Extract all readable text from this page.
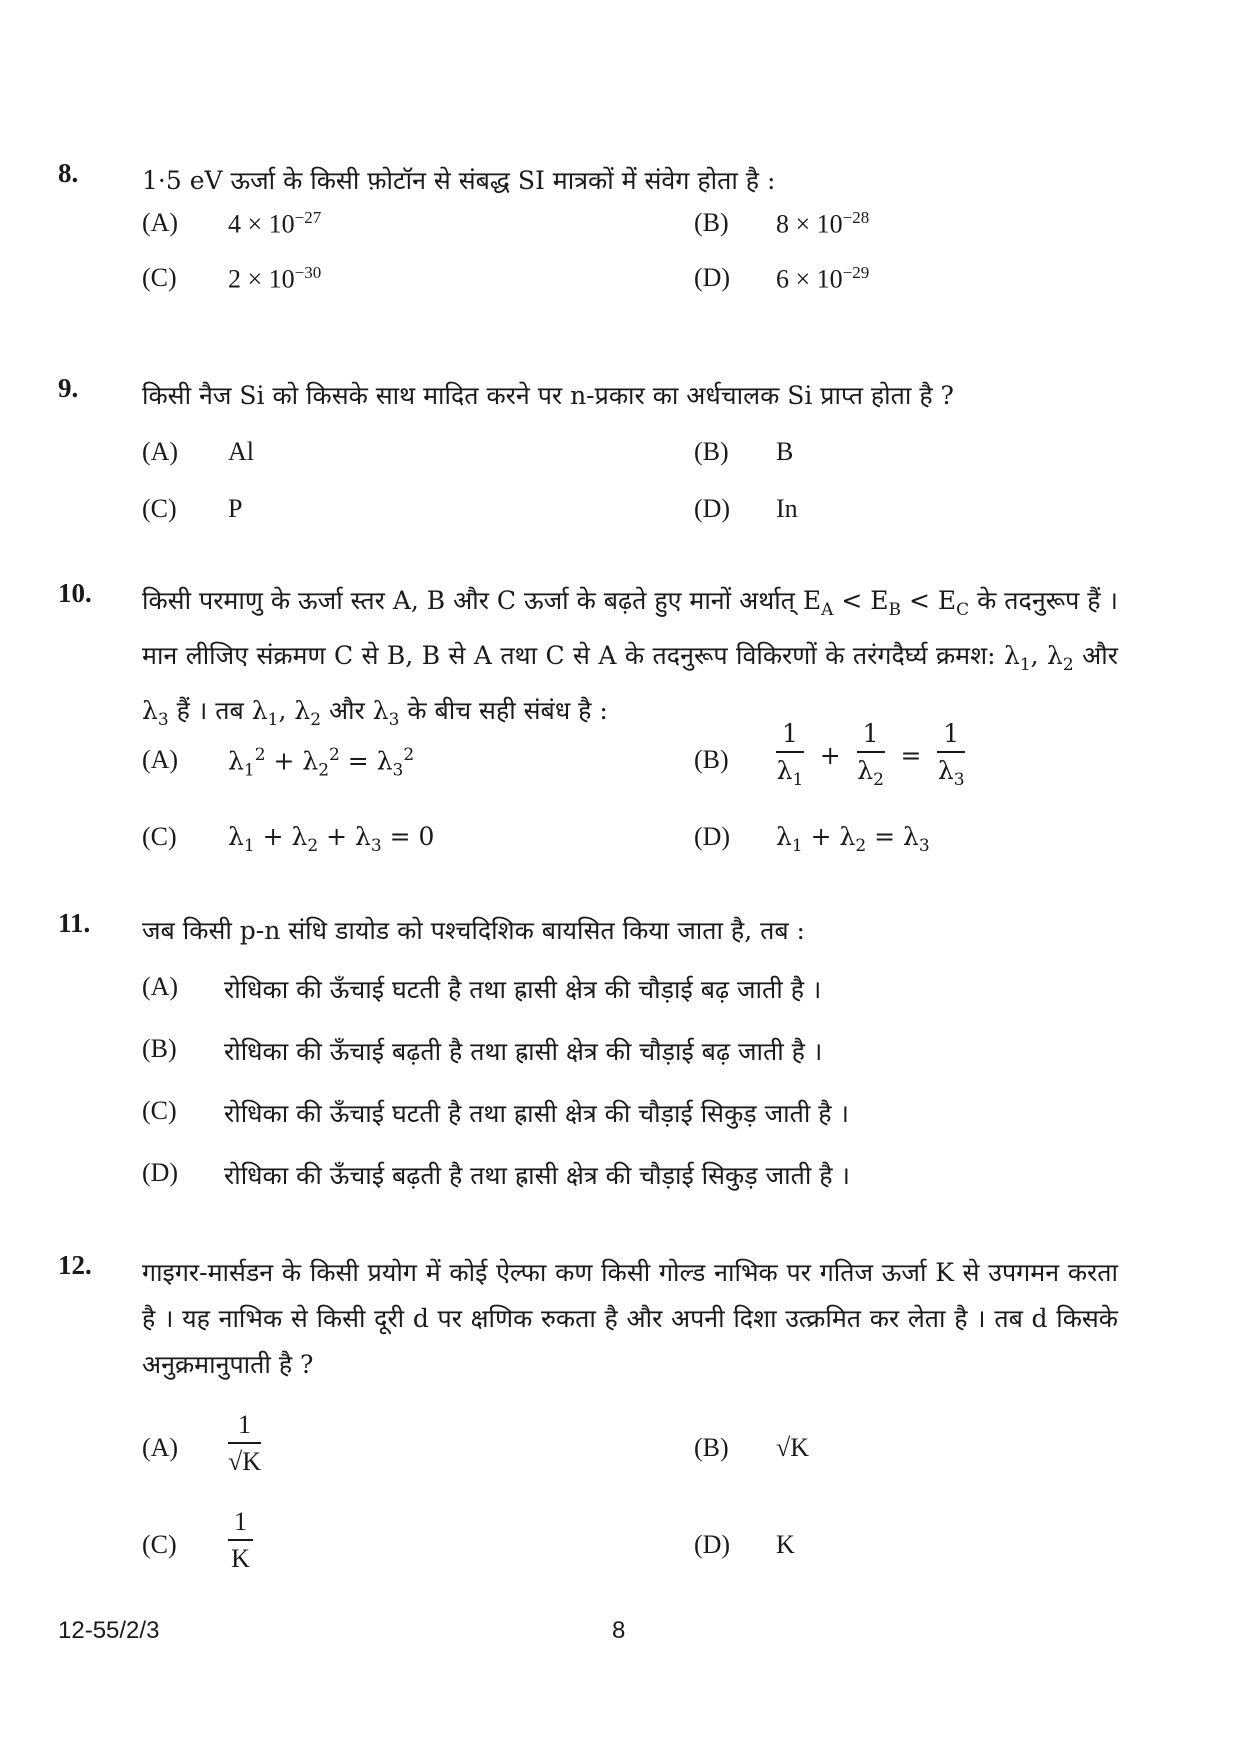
8.	1·5 eV ऊर्जा के किसी फ़ोटॉन से संबद्ध SI मात्रकों में संवेग होता है :
(A) $4 \times 10^{-27}$	(B) $8 \times 10^{-28}$
(C) $2 \times 10^{-30}$	(D) $6 \times 10^{-29}$
9.	किसी नैज Si को किसके साथ मादित करने पर n-प्रकार का अर्धचालक Si प्राप्त होता है ?
(A) Al	(B) B
(C) P	(D) In
10. किसी परमाणु के ऊर्जा स्तर A, B और C ऊर्जा के बढ़ते हुए मानों अर्थात् $E_A < E_B < E_C$ के तदनुरूप हैं । मान लीजिए संक्रमण C से B, B से A तथा C से A के तदनुरूप विकिरणों के तरंगदैर्घ्य क्रमश: $\lambda_1$, $\lambda_2$ और $\lambda_3$ हैं । तब $\lambda_1$, $\lambda_2$ और $\lambda_3$ के बीच सही संबंध है :
(A) $\lambda_1^2 + \lambda_2^2 = \lambda_3^2$	$(B) \frac{1}{\lambda_1} + \frac{1}{\lambda_2} = \frac{1}{\lambda_3}$
(C) $\lambda_1 + \lambda_2 + \lambda_3 = 0$	(D) $\lambda_1 + \lambda_2 = \lambda_3$
11. जब किसी p-n संधि डायोड को पश्चदिशिक बायसित किया जाता है, तब :
(A) रोधिका की ऊँचाई घटती है तथा ह्रासी क्षेत्र की चौड़ाई बढ़ जाती है ।
(B) रोधिका की ऊँचाई बढ़ती है तथा ह्रासी क्षेत्र की चौड़ाई बढ़ जाती है ।
(C) रोधिका की ऊँचाई घटती है तथा ह्रासी क्षेत्र की चौड़ाई सिकुड़ जाती है ।
(D) रोधिका की ऊँचाई बढ़ती है तथा ह्रासी क्षेत्र की चौड़ाई सिकुड़ जाती है ।
12. गाइगर-मार्सडन के किसी प्रयोग में कोई ऐल्फा कण किसी गोल्ड नाभिक पर गतिज ऊर्जा K से उपगमन करता है । यह नाभिक से किसी दूरी d पर क्षणिक रुकता है और अपनी दिशा उत्क्रमित कर लेता है । तब d किसके अनुक्रमानुपाती है ?
$(A) \frac{1}{√K}$	(B) √K
$(C) \frac{1}{K}$	(D) K
12-55/2/3	8
